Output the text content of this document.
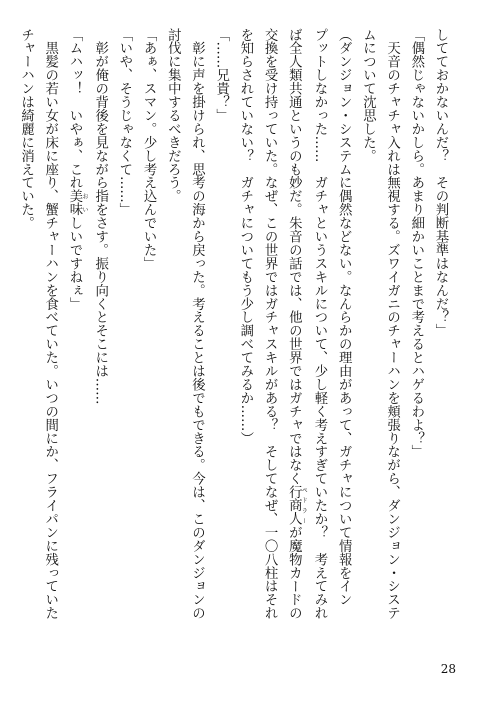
してておかないんだ？　その判断基準はなんだ？」
「偶然じゃないかしら。あまり細かいことまで考えるとハゲるわよ？」
　天音のチャチャ入れは無視する。ズワイガニのチャーハンを頬張りながら、ダンジョン・システ
ムについて沈思した。
（ダンジョン・システムに偶然などない。なんらかの理由があって、ガチャについて情報をイン
プットしなかった……　ガチャというスキルについて、少し軽く考えすぎていたか？　考えてみれ
ば全人類共通というのも妙だ。朱音の話では、他の世界ではガチャではなく行商人 ペドラーが魔物カードの
交換を受け持っていた。なぜ、この世界ではガチャスキルがある？　そしてなぜ、一〇八柱はそれ
を知らされていない？　ガチャについてもう少し調べてみるか……）
「……兄貴？」
　彰に声を掛けられ、思考の海から戻った。考えることは後でもできる。今は、このダンジョンの
討伐に集中するべきだろう。
「あぁ、スマン。少し考え込んでいた」
「いや、そうじゃなくて……」
　彰が俺の背後を見ながら指をさす。振り向くとそこには……
「ムハッ！　いやぁ、これ美味 おいしいですねぇ」
　黒髪の若い女が床に座り、蟹チャーハンを食べていた。いつの間にか、フライパンに残っていた
チャーハンは綺麗に消えていた。
28
